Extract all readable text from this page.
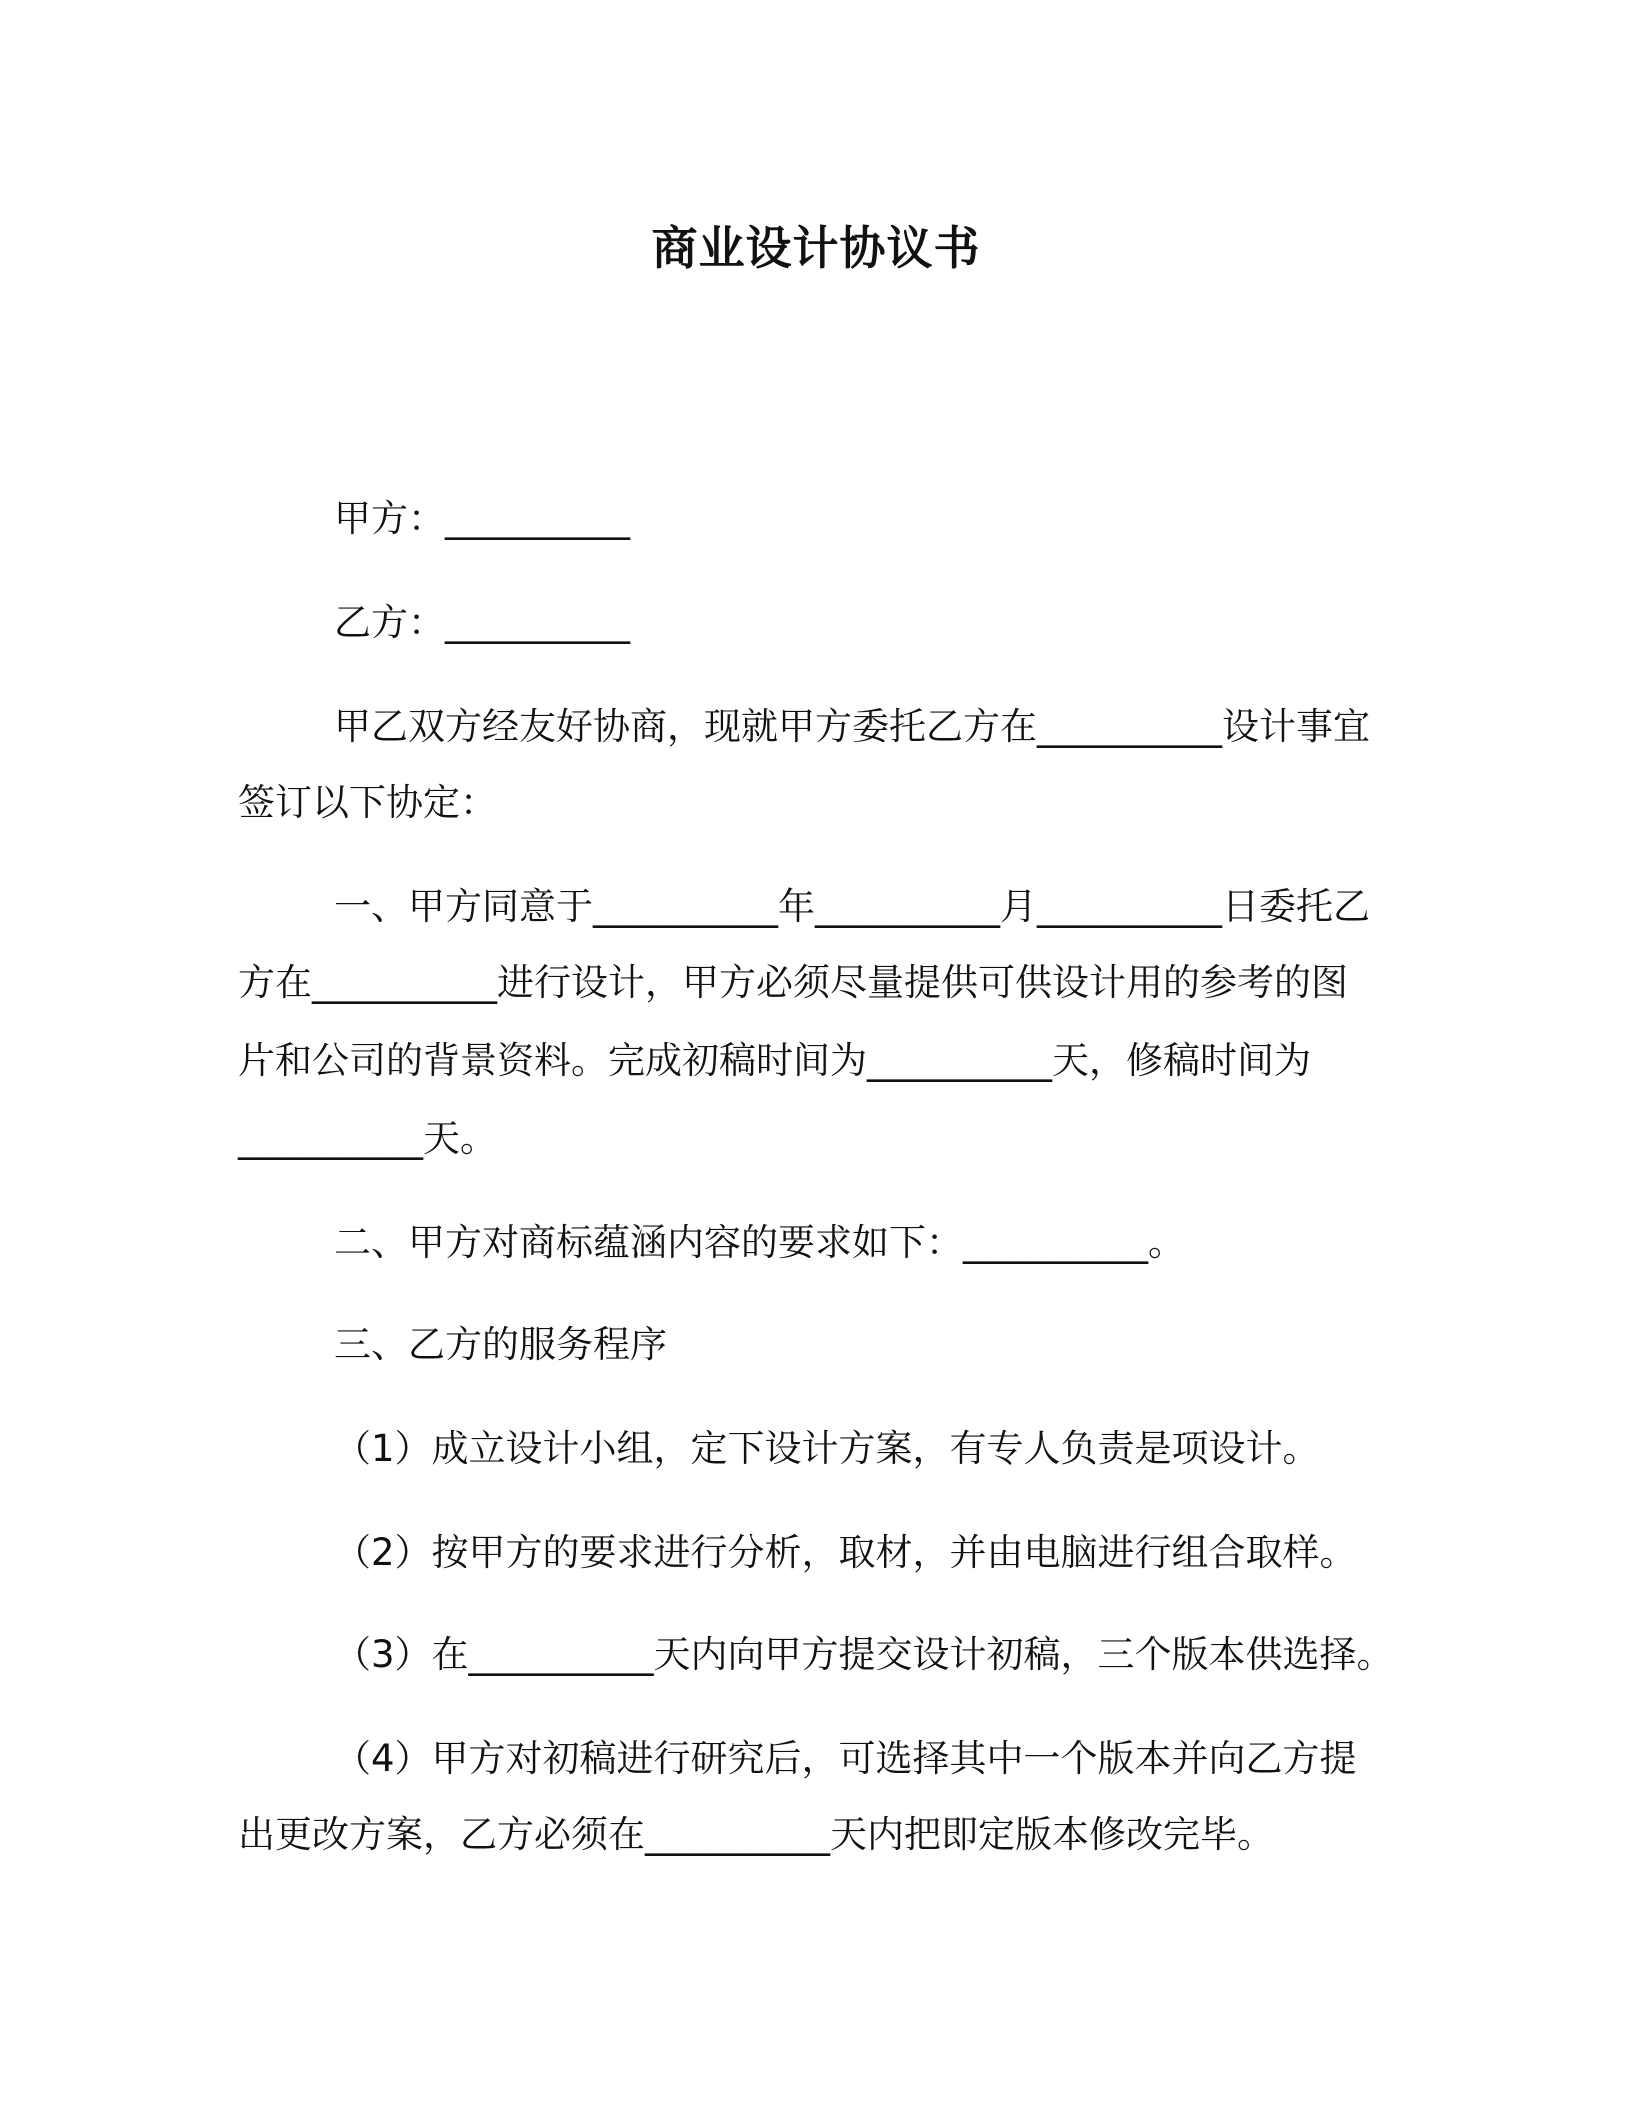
商业设计协议书
甲方：__________
乙方：__________
甲乙双方经友好协商，现就甲方委托乙方在__________设计事宜
签订以下协定：
一、甲方同意于__________年__________月__________日委托乙
方在__________进行设计，甲方必须尽量提供可供设计用的参考的图
片和公司的背景资料。完成初稿时间为__________天，修稿时间为
__________天。
二、甲方对商标蕴涵内容的要求如下：__________。
三、乙方的服务程序
（1）成立设计小组，定下设计方案，有专人负责是项设计。
（2）按甲方的要求进行分析，取材，并由电脑进行组合取样。
（3）在__________天内向甲方提交设计初稿，三个版本供选择。
（4）甲方对初稿进行研究后，可选择其中一个版本并向乙方提
出更改方案，乙方必须在__________天内把即定版本修改完毕。
